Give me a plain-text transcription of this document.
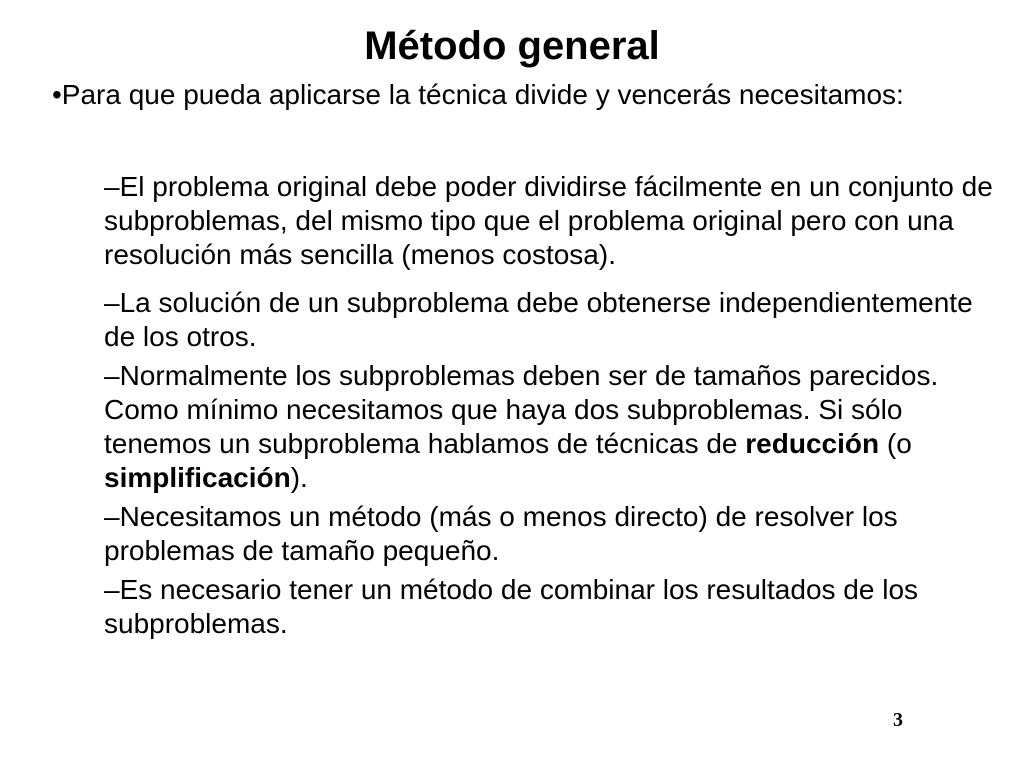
Método general

•Para que pueda aplicarse la técnica divide y vencerás necesitamos:

–El problema original debe poder dividirse fácilmente en un conjunto de subproblemas, del mismo tipo que el problema original pero con una resolución más sencilla (menos costosa).
–La solución de un subproblema debe obtenerse independientemente de los otros.
–Normalmente los subproblemas deben ser de tamaños parecidos. Como mínimo necesitamos que haya dos subproblemas. Si sólo tenemos un subproblema hablamos de técnicas de reducción (o simplificación).
–Necesitamos un método (más o menos directo) de resolver los problemas de tamaño pequeño.
–Es necesario tener un método de combinar los resultados de los subproblemas.
3
